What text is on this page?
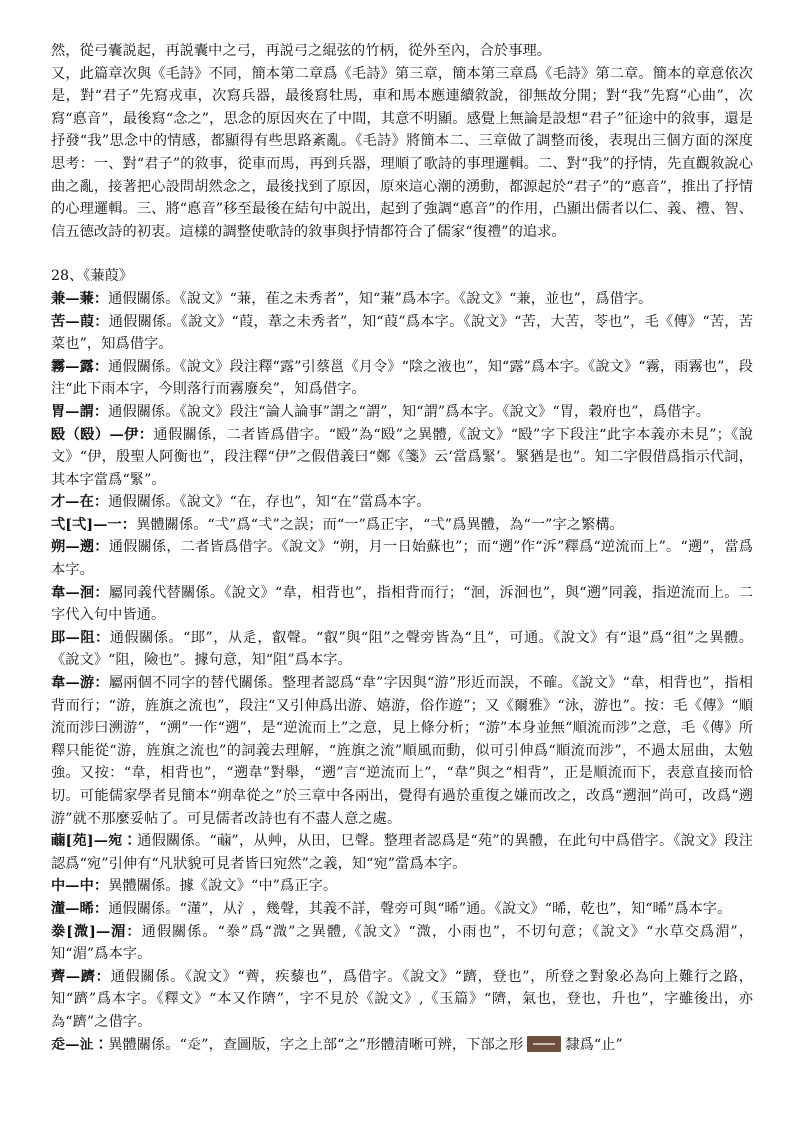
然，從弓囊説起，再説囊中之弓，再説弓之緄弦的竹柄，從外至內，合於事理。

又，此篇章次與《毛詩》不同，簡本第二章爲《毛詩》第三章，簡本第三章爲《毛詩》第二章。簡本的章意依次是，對“君子”先寫戎車，次寫兵器，最後寫牡馬，車和馬本應連續敘說，卻無故分開；對“我”先寫“心曲”，次寫“悳音”，最後寫“念之”，思念的原因夾在了中間，其意不明顯。感覺上無論是設想“君子”征途中的敘事，還是抒發“我”思念中的情感，都顯得有些思路紊亂。《毛詩》將簡本二、三章做了調整而後，表現出三個方面的深度思考：一、對“君子”的敘事，從車而馬，再到兵器，理順了歌詩的事理邏輯。二、對“我”的抒情，先直觀敘說心曲之亂，接著把心設問胡然念之，最後找到了原因，原來這心潮的湧動，都源起於“君子”的“悳音”，推出了抒情的心理邏輯。三、將“悳音”移至最後在結句中説出，起到了強調“悳音”的作用，凸顯出儒者以仁、義、禮、智、信五德改詩的初衷。這樣的調整使歌詩的敘事與抒情都符合了儒家“復禮”的追求。

28、《蒹葭》

兼—蒹：通假關係。《說文》“蒹，萑之未秀者”，知“蒹”爲本字。《說文》“兼，並也”，爲借字。

苦—葭：通假關係。《說文》“葭，葦之未秀者”，知“葭”爲本字。《說文》“苦，大苦，苓也”，毛《傳》“苦，苦菜也”，知爲借字。

霧—露：通假關係。《說文》段注釋“露”引蔡邕《月令》“陰之液也”，知“露”爲本字。《說文》“霧，雨霧也”，段注“此下雨本字，今則落行而霧廢矣”，知爲借字。

胃—謂：通假關係。《說文》段注“論人論事”謂之“謂”，知“謂”爲本字。《說文》“胃，穀府也”，爲借字。

殹（殹）—伊：通假關係，二者皆爲借字。“殹”為“殹”之異體,《說文》“殹”字下段注“此字本義亦未見”；《說文》“伊，殷聖人阿衡也”，段注釋“伊”之假借義曰“鄭《箋》云‘當爲緊’。緊猶是也”。知二字假借爲指示代詞，其本字當爲“緊”。

才—在：通假關係。《說文》“在，存也”，知“在”當爲本字。

弌[弌]—一：異體關係。“弌”爲“弌”之誤；而“一”爲正字，“弌”爲異體，為“一”字之繁構。

朔—遡：通假關係，二者皆爲借字。《說文》“朔，月一日始蘇也”；而“遡”作“泝”釋爲“逆流而上”。“遡”，當爲本字。

韋—洄：屬同義代替關係。《說文》“韋，相背也”，指相背而行；“洄，泝洄也”，與“遡”同義，指逆流而上。二字代入句中皆通。

䢸—阻：通假關係。“䢸”，从辵，叡聲。“叡”與“阻”之聲旁皆為“且”，可通。《說文》有“退”爲“徂”之異體。《說文》“阻，險也”。據句意，知“阻”爲本字。

韋—游：屬兩個不同字的替代關係。整理者認爲“韋”字因與“游”形近而誤，不確。《說文》“韋，相背也”，指相背而行；“游，旌旗之流也”，段注“又引伸爲出游、嬉游，俗作遊”；又《爾雅》“泳，游也”。按：毛《傳》“順流而涉曰溯游”，“溯”一作“遡”，是“逆流而上”之意，見上條分析；“游”本身並無“順流而涉”之意，毛《傳》所釋只能從“游，旌旗之流也”的詞義去理解，“旌旗之流”順風而動，似可引伸爲“順流而涉”，不過太屈曲，太勉強。又按：“韋，相背也”，“遡韋”對舉，“遡”言“逆流而上”，“韋”與之“相背”，正是順流而下，表意直接而恰切。可能儒家學者見簡本“朔韋從之”於三章中各兩出，覺得有過於重復之嫌而改之，改爲“遡洄”尚可，改爲“遡游”就不那麼妥帖了。可見儒者改詩也有不盡人意之處。

𦽖[苑]—宛：通假關係。“𦽖”，从艸，从田，㔾聲。整理者認爲是“苑”的異體，在此句中爲借字。《說文》段注認爲“宛”引伸有“凡狀貌可見者皆曰宛然”之義，知“宛”當爲本字。

中—中：異體關係。據《說文》“中”爲正字。

𣿅—晞：通假關係。“𣿅”，从氵，幾聲，其義不詳，聲旁可與“晞”通。《說文》“晞，乾也”，知“晞”爲本字。

𣳾[溦]—湄：通假關係。“𣳾”爲“溦”之異體,《說文》“溦，小雨也”，不切句意；《說文》“水草交爲湄”，知“湄”爲本字。

薺—躋：通假關係。《說文》“薺，疾藜也”，爲借字。《說文》“躋，登也”，所登之對象必為向上難行之路，知“躋”爲本字。《釋文》“本又作隮”，字不見於《說文》,《玉篇》“隮，氣也，登也，升也”，字雖後出，亦為“躋”之借字。

𧺆—沚：異體關係。“𧺆”，查圖版，字之上部“之”形體清晰可辨，下部之形	隸爲“止”
